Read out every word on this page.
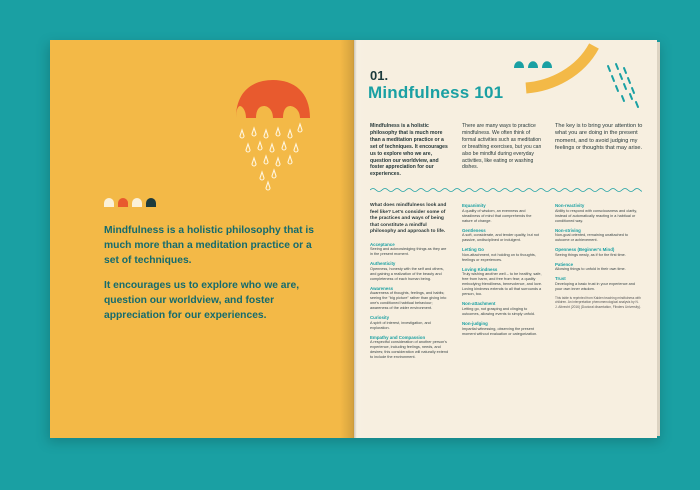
Mindfulness is a holistic philosophy that is much more than a meditation practice or a set of techniques.

It encourages us to explore who we are, question our worldview, and foster appreciation for our experiences.

01.
Mindfulness 101
Mindfulness is a holistic philosophy that is much more than a meditation practice or a set of techniques. It encourages us to explore who we are, question our worldview, and foster appreciation for our experiences.
There are many ways to practice mindfulness. We often think of formal activities such as meditation or breathing exercises, but you can also be mindful during everyday activities, like eating or washing dishes.
The key is to bring your attention to what you are doing in the present moment, and to avoid judging my feelings or thoughts that may arise.
What does mindfulness look and feel like? Let's consider some of the practices and ways of being that constitute a mindful philosophy and approach to life.
Acceptance
Seeing and acknowledging things as they are in the present moment.
Authenticity
Openness, honesty with the self and others, and gaining a realization of the beauty and completeness of each human being.
Awareness
Awareness of thoughts, feelings, and habits; seeing the "big picture" rather than giving into one's conditioned habitual behaviour; awareness of the wider environment.
Curiosity
A spirit of interest, investigation, and exploration.
Empathy and Compassion
A respectful consideration of another person's experience, including feelings, needs, and desires; this consideration will naturally extend to include the environment.
Equanimity
A quality of wisdom, an evenness and steadiness of mind that comprehends the nature of change.
Gentleness
A soft, considerate, and tender quality, but not passive, undisciplined or indulgent.
Letting Go
Non-attachment, not holding on to thoughts, feelings or experiences.
Loving Kindness
Truly wishing another well – to be healthy, safe, free from harm, and free from fear; a quality embodying friendliness, benevolence, and love. Loving kindness extends to all that surrounds a person, too.
Non-attachment
Letting go, not grasping and clinging to outcomes, allowing events to simply unfold.
Non-judging
Impartial witnessing, observing the present moment without evaluation or categorization.
Non-reactivity
Ability to respond with consciousness and clarity, instead of automatically reacting in a habitual or conditioned way.
Non-striving
Non-goal oriented, remaining unattached to outcome or achievement.
Openness (Beginner's Mind)
Seeing things newly, as if for the first time.
Patience
Allowing things to unfold in their own time.
Trust
Developing a basic trust in your experience and your own inner wisdom.
This table is reprinted from Kaiden teaching mindfulness with children. An interpretation phenomenological analysis by N. J. Albrecht (2016) (Doctoral dissertation, Flinders University).
